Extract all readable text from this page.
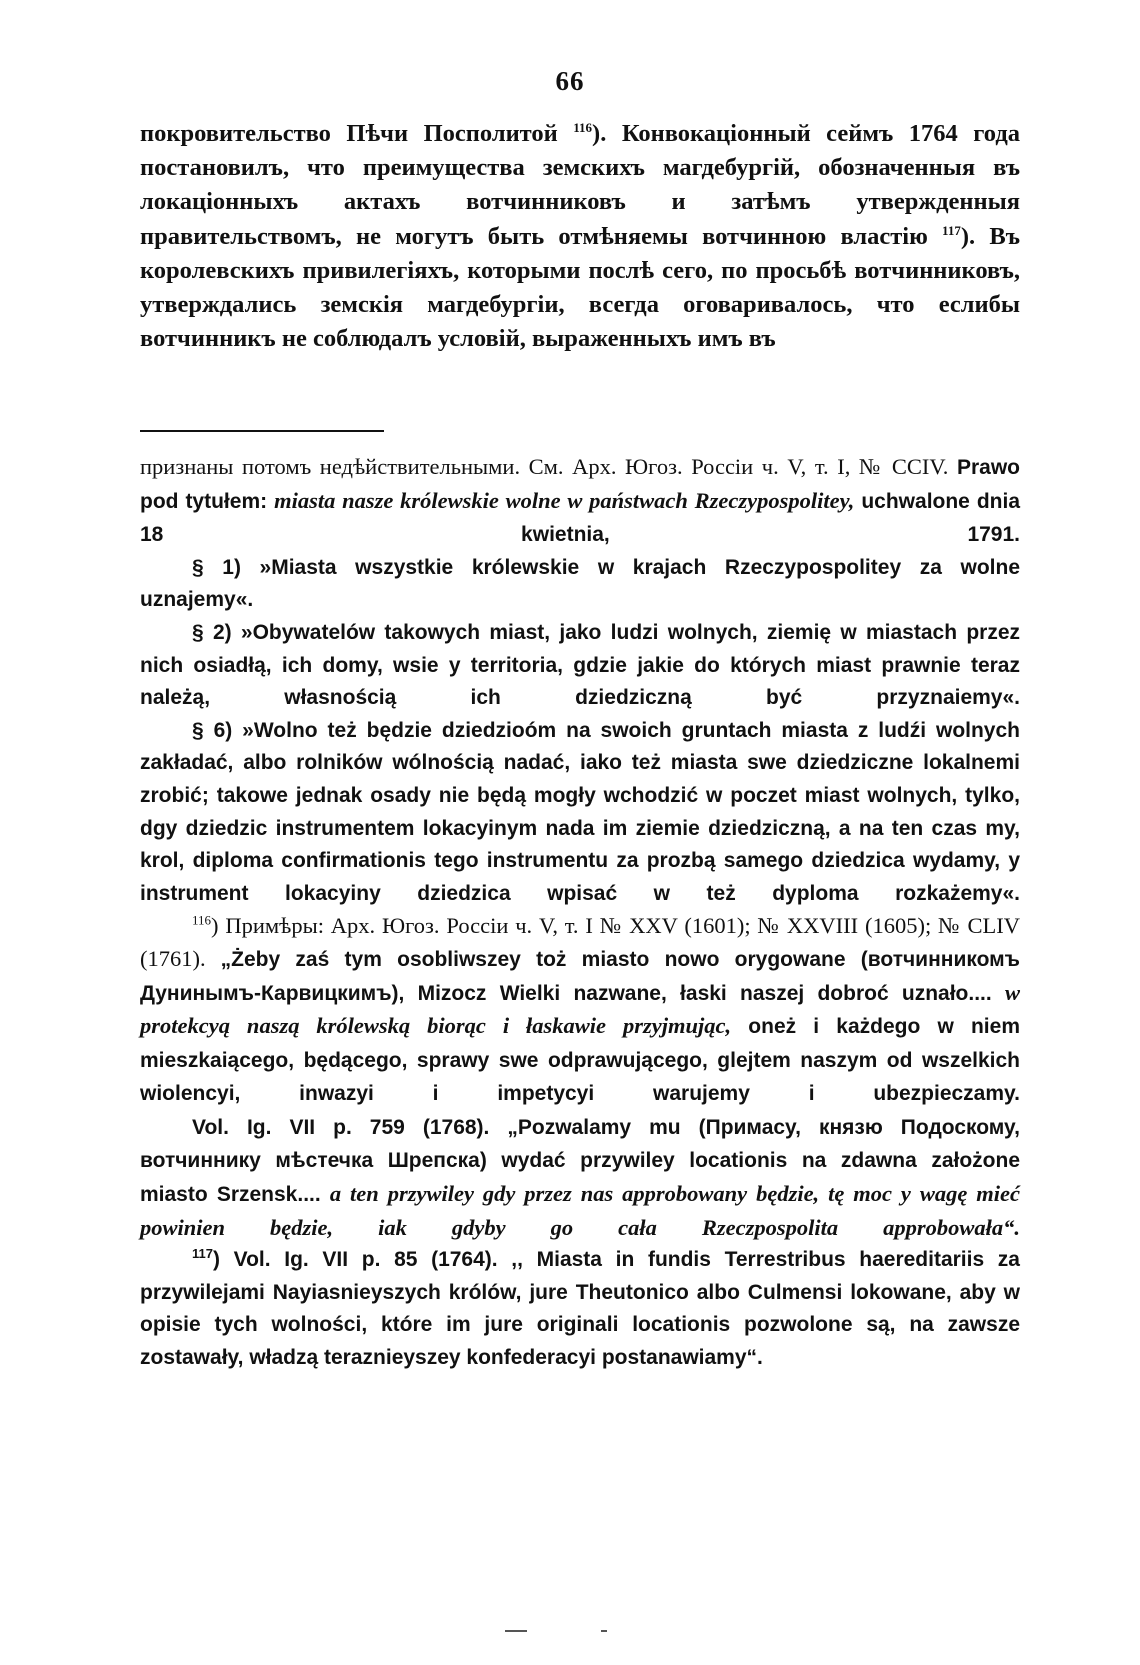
66

покровительство Пѣчи Посполитой $^{116}$). Конвокаціонный сеймъ 1764 года постановилъ, что преимущества земскихъ магдебургій, обозначенныя въ локаціонныхъ актахъ вотчинниковъ и затѣмъ утвержденныя правительствомъ, не могутъ быть отмѣняемы вотчинною властію $^{117}$). Въ королевскихъ привилегіяхъ, которыми послѣ сего, по просьбѣ вотчинниковъ, утверждались земскія магдебургіи, всегда оговаривалось, что еслибы вотчинникъ не соблюдалъ условій, выраженныхъ имъ въ

признаны потомъ недѣйствительными. См. Арх. Югоз. Россіи ч. V, т. I, № CCIV. Prawo pod tytułem: miasta nasze królewskie wolne w państwach Rzeczypospolitey, uchwalone dnia 18 kwietnia, 1791.

§ 1) »Miasta wszystkie królewskie w krajach Rzeczypospolitey za wolne uznajemy«.

§ 2) »Obywatelów takowych miast, jako ludzi wolnych, ziemię w miastach przez nich osiadłą, ich domy, wsie y territoria, gdzie jakie do których miast prawnie teraz należą, własnością ich dziedziczną być przyznaiemy«.

§ 6) »Wolno też będzie dziedzioóm na swoich gruntach miasta z ludźi wolnych zakładać, albo rolników wólnością nadać, iako też miasta swe dziedziczne lokalnemi zrobić; takowe jednak osady nie będą mogły wchodzić w poczet miast wolnych, tylko, dgy dziedzic instrumentem lokacyinym nada im ziemie dziedziczną, a na ten czas my, krol, diploma confirmationis tego instrumentu za prozbą samego dziedzica wydamy, y instrument lokacyiny dziedzica wpisać w też dyploma rozkażemy«.

$^{116}$) Примѣры: Арх. Югоз. Россіи ч. V, т. I № XXV (1601); № XXVIII (1605); № CLIV (1761). „Żeby zaś tym osobliwszey toż miasto nowo orygowane (вотчинникомъ Дунинымъ-Карвицкимъ), Mizocz Wielki nazwane, łaski naszej dobroć uznało.... w protekcyą naszą królewską biorąc i łaskawie przyjmując, oneż i każdego w niem mieszkaiącego, będącego, sprawy swe odprawującego, glejtem naszym od wszelkich wiolencyi, inwazyi i impetycyi warujemy i ubezpieczamy.

Vol. Ig. VII p. 759 (1768). „Pozwalamy mu (Примасу, князю Подоскому, вотчиннику мѣстечка Шрепска) wydać przywiley locationis na zdawna założone miasto Srzensk.... a ten przywiley gdy przez nas approbowany będzie, tę moc y wagę mieć powinien będzie, iak gdyby go cała Rzeczpospolita approbowała“.

$^{117}$) Vol. Ig. VII p. 85 (1764). ,, Miasta in fundis Terrestribus haereditariis za przywilejami Nayiasnieyszych królów, jure Theutonico albo Culmensi lokowane, aby w opisie tych wolności, które im jure originali locationis pozwolone są, na zawsze zostawały, władzą teraznieyszey konfederacyi postanawiamy“.
